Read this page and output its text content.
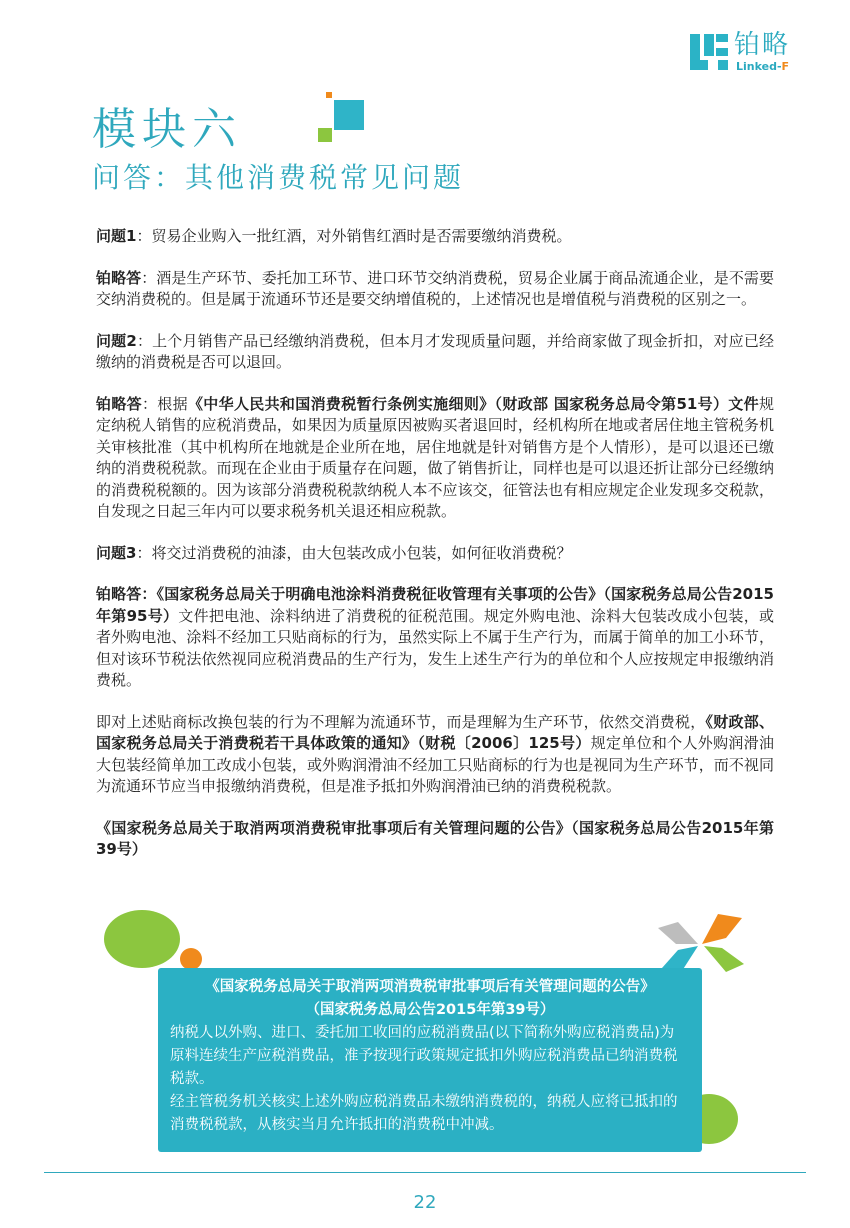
铂略
Linked-F
模块六
问答：其他消费税常见问题

问题1：贸易企业购入一批红酒，对外销售红酒时是否需要缴纳消费税。

铂略答：酒是生产环节、委托加工环节、进口环节交纳消费税，贸易企业属于商品流通企业，是不需要交纳消费税的。但是属于流通环节还是要交纳增值税的，上述情况也是增值税与消费税的区别之一。

问题2：上个月销售产品已经缴纳消费税，但本月才发现质量问题，并给商家做了现金折扣，对应已经缴纳的消费税是否可以退回。

铂略答：根据《中华人民共和国消费税暂行条例实施细则》（财政部 国家税务总局令第51号）文件规定纳税人销售的应税消费品，如果因为质量原因被购买者退回时，经机构所在地或者居住地主管税务机关审核批准（其中机构所在地就是企业所在地，居住地就是针对销售方是个人情形），是可以退还已缴纳的消费税税款。而现在企业由于质量存在问题，做了销售折让，同样也是可以退还折让部分已经缴纳的消费税税额的。因为该部分消费税税款纳税人本不应该交，征管法也有相应规定企业发现多交税款，自发现之日起三年内可以要求税务机关退还相应税款。

问题3：将交过消费税的油漆，由大包装改成小包装，如何征收消费税？

铂略答：《国家税务总局关于明确电池涂料消费税征收管理有关事项的公告》（国家税务总局公告2015年第95号）文件把电池、涂料纳进了消费税的征税范围。规定外购电池、涂料大包装改成小包装，或者外购电池、涂料不经加工只贴商标的行为，虽然实际上不属于生产行为，而属于简单的加工小环节，但对该环节税法依然视同应税消费品的生产行为，发生上述生产行为的单位和个人应按规定申报缴纳消费税。

即对上述贴商标改换包装的行为不理解为流通环节，而是理解为生产环节，依然交消费税，《财政部、国家税务总局关于消费税若干具体政策的通知》（财税〔2006〕125号）规定单位和个人外购润滑油大包装经简单加工改成小包装，或外购润滑油不经加工只贴商标的行为也是视同为生产环节，而不视同为流通环节应当申报缴纳消费税，但是准予抵扣外购润滑油已纳的消费税税款。

《国家税务总局关于取消两项消费税审批事项后有关管理问题的公告》（国家税务总局公告2015年第39号）

《国家税务总局关于取消两项消费税审批事项后有关管理问题的公告》
（国家税务总局公告2015年第39号）
纳税人以外购、进口、委托加工收回的应税消费品(以下简称外购应税消费品)为原料连续生产应税消费品，准予按现行政策规定抵扣外购应税消费品已纳消费税税款。
经主管税务机关核实上述外购应税消费品未缴纳消费税的，纳税人应将已抵扣的消费税税款，从核实当月允许抵扣的消费税中冲减。
22
